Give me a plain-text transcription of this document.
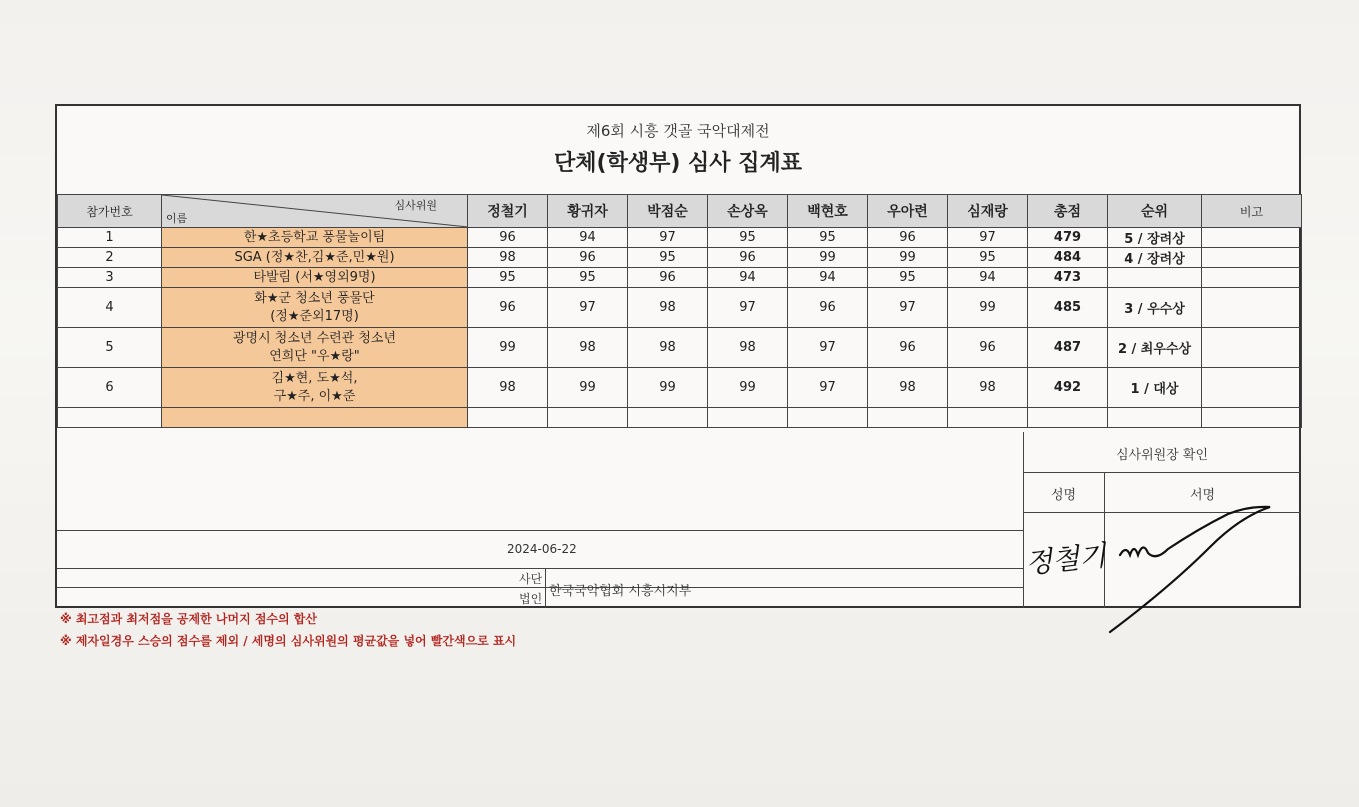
제6회 시흥 갯골 국악대제전
단체(학생부) 심사 집계표
참가번호	심사위원
이름	정철기	황귀자	박점순	손상옥	백현호	우아련	심재랑	총점	순위	비고
1	한★초등학교 풍물놀이팀	96	94	97	95	95	96	97	479	5 / 장려상	
2	SGA (정★찬,김★준,민★원)	98	96	95	96	99	99	95	484	4 / 장려상	
3	타발림 (서★영외9명)	95	95	96	94	94	95	94	473		
4	화★군 청소년 풍물단
(정★준외17명)	96	97	98	97	96	97	99	485	3 / 우수상	
5	광명시 청소년 수련관 청소년
연희단 "우★랑"	99	98	98	98	97	96	96	487	2 / 최우수상	
6	김★현, 도★석,
구★주, 이★준	98	99	99	99	97	98	98	492	1 / 대상	

심사위원장 확인
성명	서명
2024-06-22
사단
법인 한국국악협회 시흥시지부
정철기
※ 최고점과 최저점을 공제한 나머지 점수의 합산
※ 제자일경우 스승의 점수를 제외 / 세명의 심사위원의 평균값을 넣어 빨간색으로 표시
